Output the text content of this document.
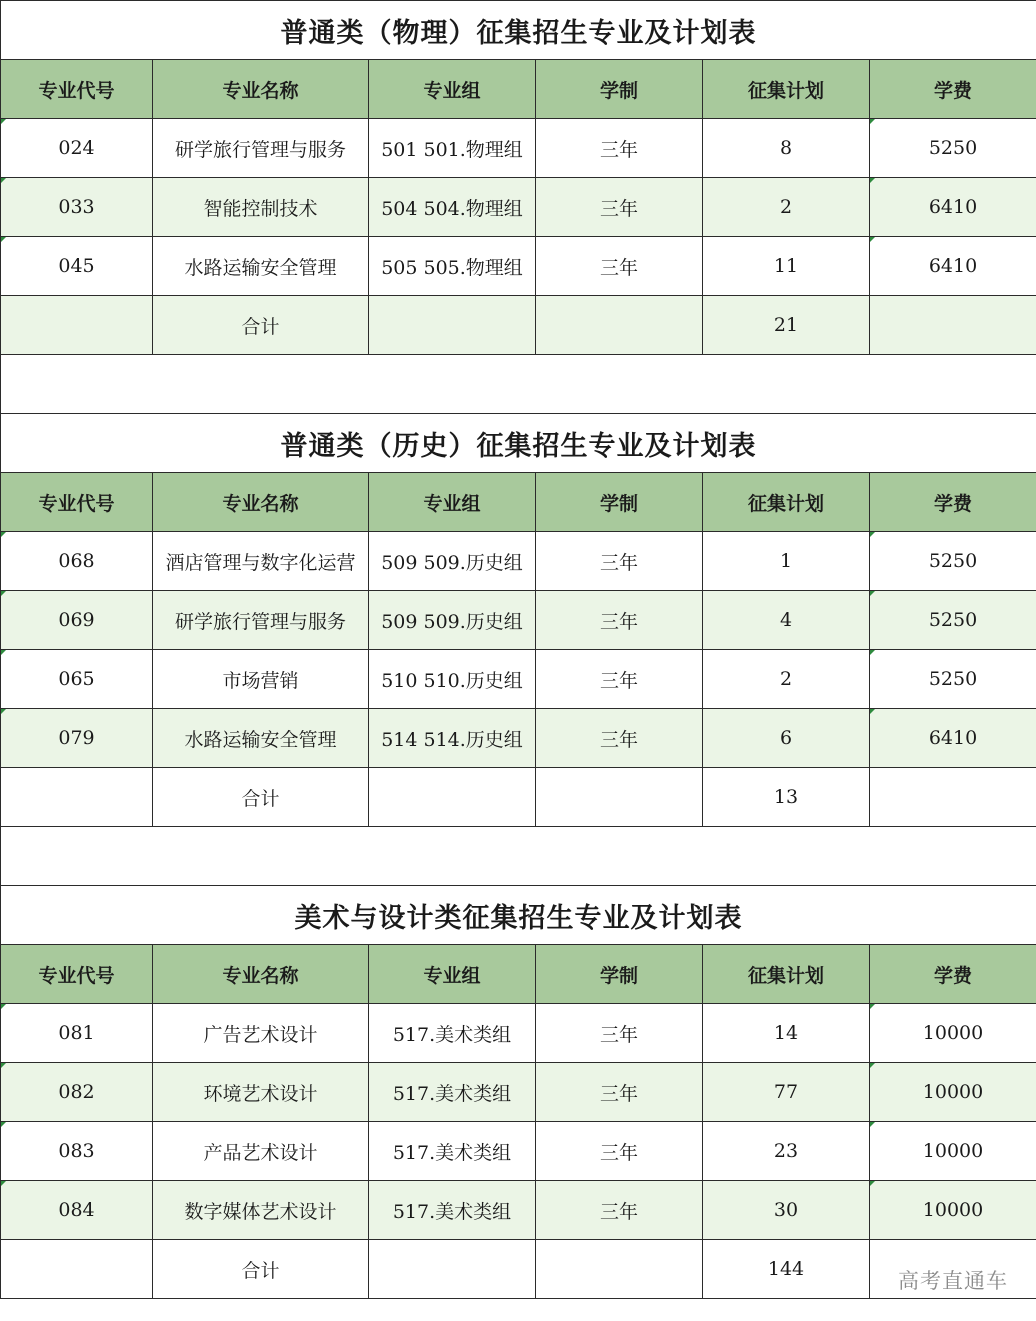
普通类（物理）征集招生专业及计划表					
专业代号	专业名称	专业组	学制	征集计划	学费
024	研学旅行管理与服务	501 501.物理组	三年	8	5250
033	智能控制技术	504 504.物理组	三年	2	6410
045	水路运输安全管理	505 505.物理组	三年	11	6410
	合计			21	

普通类（历史）征集招生专业及计划表					
专业代号	专业名称	专业组	学制	征集计划	学费
068	酒店管理与数字化运营	509 509.历史组	三年	1	5250
069	研学旅行管理与服务	509 509.历史组	三年	4	5250
065	市场营销	510 510.历史组	三年	2	5250
079	水路运输安全管理	514 514.历史组	三年	6	6410
	合计			13	

美术与设计类征集招生专业及计划表					
专业代号	专业名称	专业组	学制	征集计划	学费
081	广告艺术设计	517.美术类组	三年	14	10000
082	环境艺术设计	517.美术类组	三年	77	10000
083	产品艺术设计	517.美术类组	三年	23	10000
084	数字媒体艺术设计	517.美术类组	三年	30	10000
	合计			144		高考直通车
